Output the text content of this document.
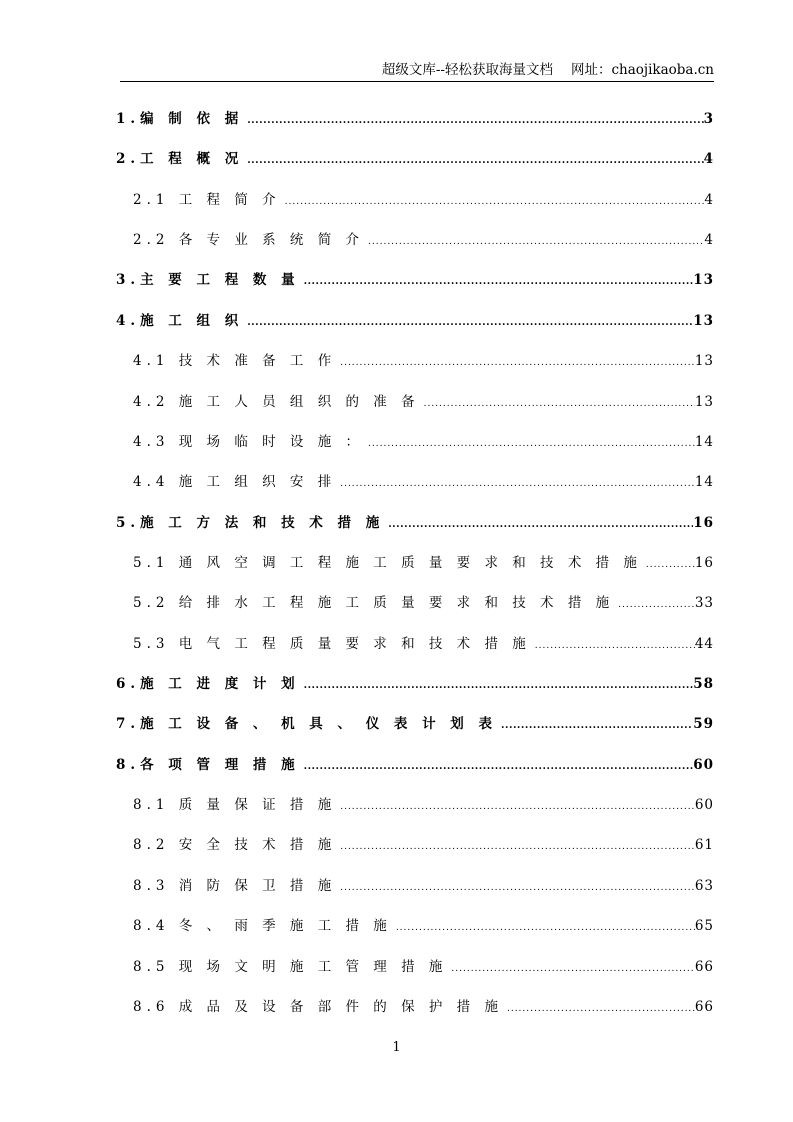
超级文库--轻松获取海量文档 网址：chaojikaoba.cn
1.编 制 依 据 .....	3
2.工 程 概 况 .....	4
2.1 工 程 简 介 .....	4
2.2 各 专 业 系 统 简 介 .....	4
3.主 要 工 程 数 量 .....	13
4.施 工 组 织 .....	13
4.1 技 术 准 备 工 作 .....	13
4.2 施 工 人 员 组 织 的 准 备 .....	13
4.3 现 场 临 时 设 施 ： .....	14
4.4 施 工 组 织 安 排 .....	14
5.施 工 方 法 和 技 术 措 施 .....	16
5.1 通 风 空 调 工 程 施 工 质 量 要 求 和 技 术 措 施 .....	16
5.2 给 排 水 工 程 施 工 质 量 要 求 和 技 术 措 施 .....	33
5.3 电 气 工 程 质 量 要 求 和 技 术 措 施 .....	44
6.施 工 进 度 计 划 .....	58
7.施 工 设 备 、 机 具 、 仪 表 计 划 表 .....	59
8.各 项 管 理 措 施 .....	60
8.1 质 量 保 证 措 施 .....	60
8.2 安 全 技 术 措 施 .....	61
8.3 消 防 保 卫 措 施 .....	63
8.4 冬 、 雨 季 施 工 措 施 .....	65
8.5 现 场 文 明 施 工 管 理 措 施 .....	66
8.6 成 品 及 设 备 部 件 的 保 护 措 施 .....	66
1
